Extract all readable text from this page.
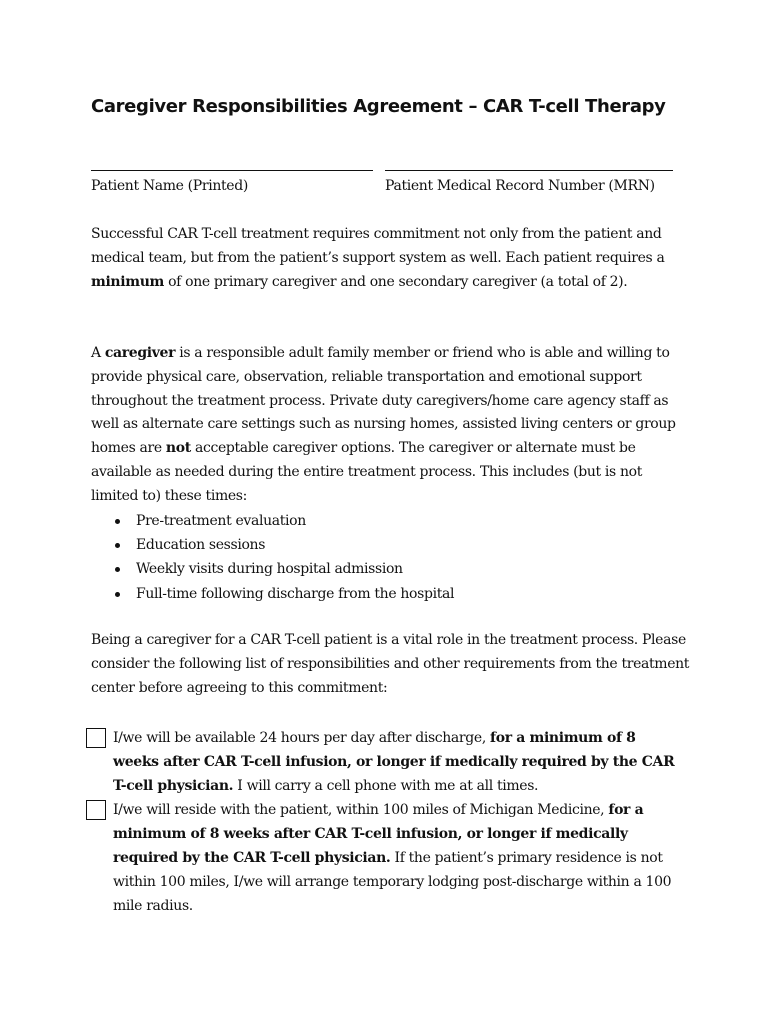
Caregiver Responsibilities Agreement – CAR T-cell Therapy
Patient Name (Printed)	Patient Medical Record Number (MRN)

Successful CAR T-cell treatment requires commitment not only from the patient and medical team, but from the patient’s support system as well. Each patient requires a minimum of one primary caregiver and one secondary caregiver (a total of 2).

A caregiver is a responsible adult family member or friend who is able and willing to provide physical care, observation, reliable transportation and emotional support throughout the treatment process. Private duty caregivers/home care agency staff as well as alternate care settings such as nursing homes, assisted living centers or group homes are not acceptable caregiver options. The caregiver or alternate must be available as needed during the entire treatment process. This includes (but is not limited to) these times:

Pre-treatment evaluation
Education sessions
Weekly visits during hospital admission
Full-time following discharge from the hospital

Being a caregiver for a CAR T-cell patient is a vital role in the treatment process. Please consider the following list of responsibilities and other requirements from the treatment center before agreeing to this commitment:

I/we will be available 24 hours per day after discharge, for a minimum of 8 weeks after CAR T-cell infusion, or longer if medically required by the CAR T-cell physician. I will carry a cell phone with me at all times.

I/we will reside with the patient, within 100 miles of Michigan Medicine, for a minimum of 8 weeks after CAR T-cell infusion, or longer if medically required by the CAR T-cell physician. If the patient’s primary residence is not within 100 miles, I/we will arrange temporary lodging post-discharge within a 100 mile radius.
